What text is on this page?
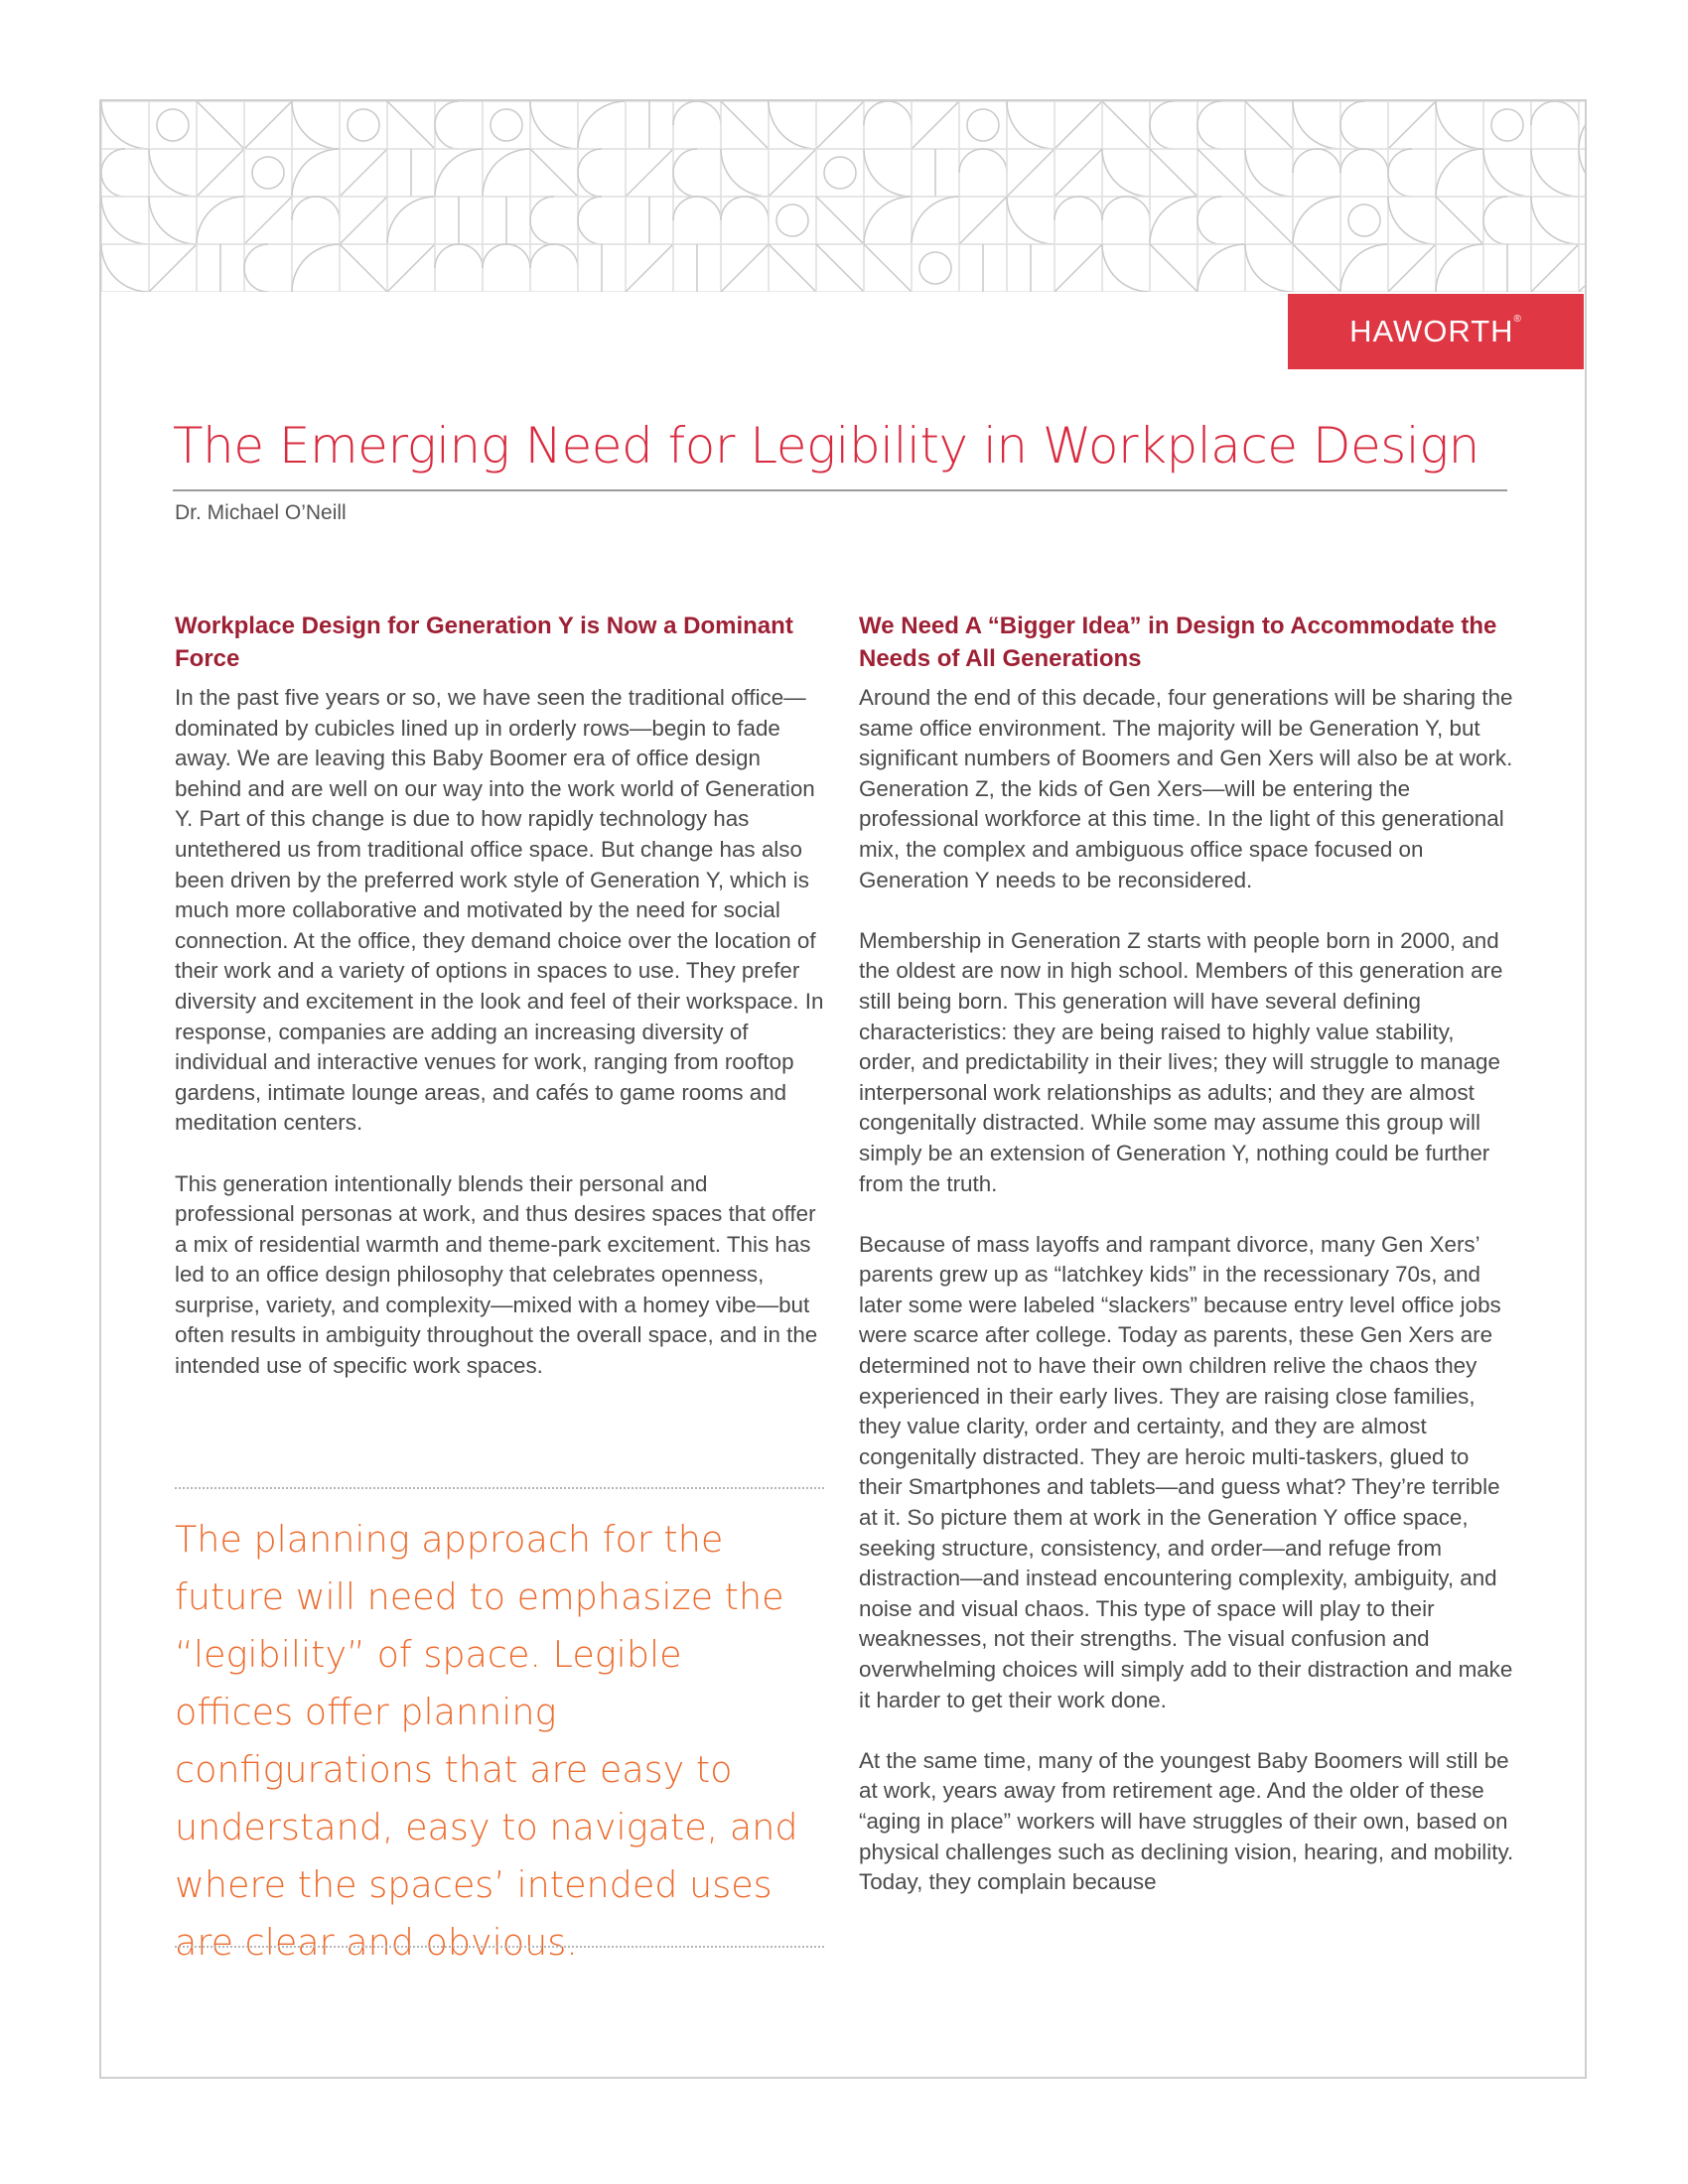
HAWORTH®
The Emerging Need for Legibility in Workplace Design
Dr. Michael O’Neill
Workplace Design for Generation Y is Now a Dominant Force

In the past five years or so, we have seen the traditional office—dominated by cubicles lined up in orderly rows—begin to fade away. We are leaving this Baby Boomer era of office design behind and are well on our way into the work world of Generation Y. Part of this change is due to how rapidly technology has untethered us from traditional office space. But change has also been driven by the preferred work style of Generation Y, which is much more collaborative and motivated by the need for social connection. At the office, they demand choice over the location of their work and a variety of options in spaces to use. They prefer diversity and excitement in the look and feel of their workspace. In response, companies are adding an increasing diversity of individual and interactive venues for work, ranging from rooftop gardens, intimate lounge areas, and cafés to game rooms and meditation centers.

This generation intentionally blends their personal and professional personas at work, and thus desires spaces that offer a mix of residential warmth and theme-park excitement. This has led to an office design philosophy that celebrates openness, surprise, variety, and complexity—mixed with a homey vibe—but often results in ambiguity throughout the overall space, and in the intended use of specific work spaces.

The planning approach for the future will need to emphasize the “legibility” of space. Legible offices offer planning configurations that are easy to understand, easy to navigate, and where the spaces’ intended uses are clear and obvious.

We Need A “Bigger Idea” in Design to Accommodate the Needs of All Generations

Around the end of this decade, four generations will be sharing the same office environment. The majority will be Generation Y, but significant numbers of Boomers and Gen Xers will also be at work. Generation Z, the kids of Gen Xers—will be entering the professional workforce at this time. In the light of this generational mix, the complex and ambiguous office space focused on Generation Y needs to be reconsidered.

Membership in Generation Z starts with people born in 2000, and the oldest are now in high school. Members of this generation are still being born. This generation will have several defining characteristics: they are being raised to highly value stability, order, and predictability in their lives; they will struggle to manage interpersonal work relationships as adults; and they are almost congenitally distracted. While some may assume this group will simply be an extension of Generation Y, nothing could be further from the truth.

Because of mass layoffs and rampant divorce, many Gen Xers’ parents grew up as “latchkey kids” in the recessionary 70s, and later some were labeled “slackers” because entry level office jobs were scarce after college. Today as parents, these Gen Xers are determined not to have their own children relive the chaos they experienced in their early lives. They are raising close families, they value clarity, order and certainty, and they are almost congenitally distracted. They are heroic multi-taskers, glued to their Smartphones and tablets—and guess what? They’re terrible at it. So picture them at work in the Generation Y office space, seeking structure, consistency, and order—and refuge from distraction—and instead encountering complexity, ambiguity, and noise and visual chaos. This type of space will play to their weaknesses, not their strengths. The visual confusion and overwhelming choices will simply add to their distraction and make it harder to get their work done.

At the same time, many of the youngest Baby Boomers will still be at work, years away from retirement age. And the older of these “aging in place” workers will have struggles of their own, based on physical challenges such as declining vision, hearing, and mobility. Today, they complain because
